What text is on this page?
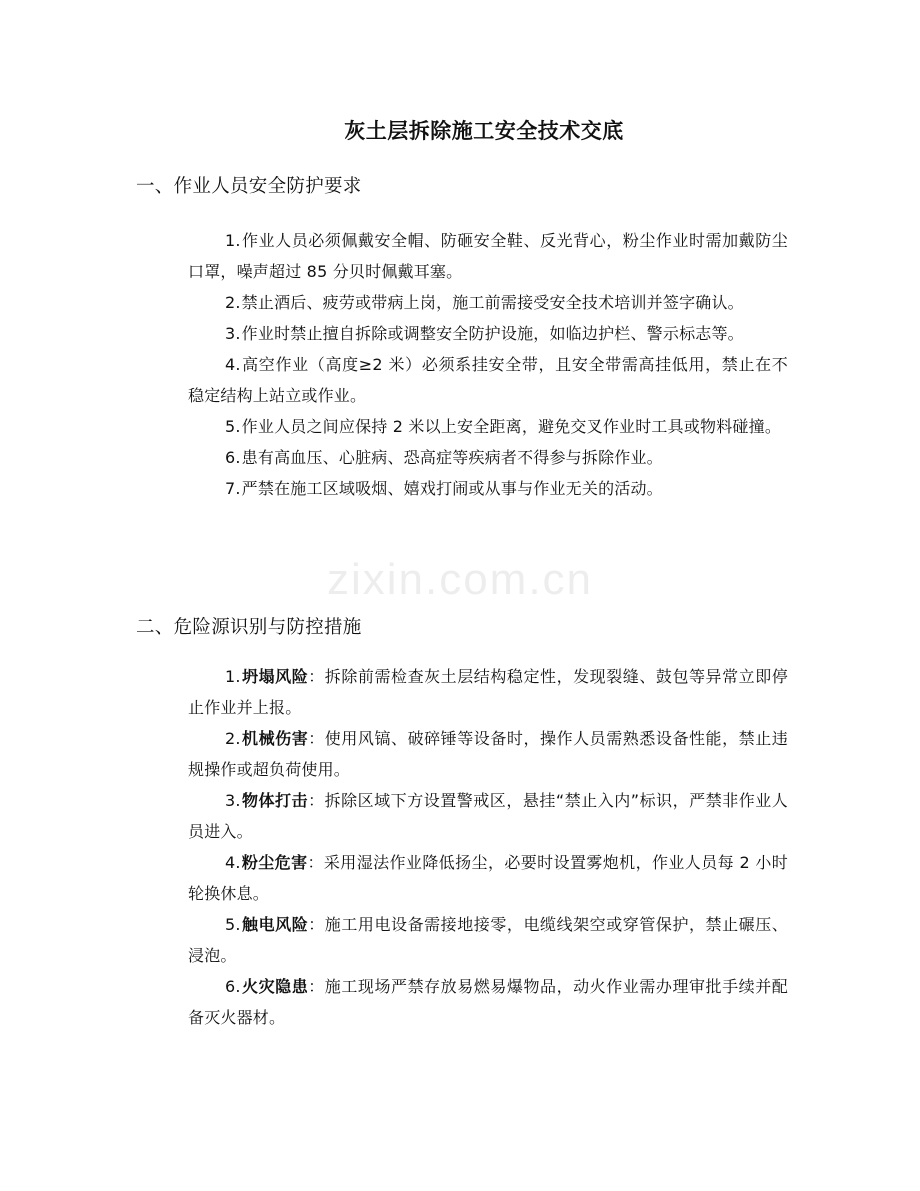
zixin.com.cn
灰土层拆除施工安全技术交底
一、作业人员安全防护要求
1.作业人员必须佩戴安全帽、防砸安全鞋、反光背心，粉尘作业时需加戴防尘口罩，噪声超过 85 分贝时佩戴耳塞。
2.禁止酒后、疲劳或带病上岗，施工前需接受安全技术培训并签字确认。
3.作业时禁止擅自拆除或调整安全防护设施，如临边护栏、警示标志等。
4.高空作业（高度≥2 米）必须系挂安全带，且安全带需高挂低用，禁止在不稳定结构上站立或作业。
5.作业人员之间应保持 2 米以上安全距离，避免交叉作业时工具或物料碰撞。
6.患有高血压、心脏病、恐高症等疾病者不得参与拆除作业。
7.严禁在施工区域吸烟、嬉戏打闹或从事与作业无关的活动。
二、危险源识别与防控措施
1.坍塌风险：拆除前需检查灰土层结构稳定性，发现裂缝、鼓包等异常立即停止作业并上报。
2.机械伤害：使用风镐、破碎锤等设备时，操作人员需熟悉设备性能，禁止违规操作或超负荷使用。
3.物体打击：拆除区域下方设置警戒区，悬挂“禁止入内”标识，严禁非作业人员进入。
4.粉尘危害：采用湿法作业降低扬尘，必要时设置雾炮机，作业人员每 2 小时轮换休息。
5.触电风险：施工用电设备需接地接零，电缆线架空或穿管保护，禁止碾压、浸泡。
6.火灾隐患：施工现场严禁存放易燃易爆物品，动火作业需办理审批手续并配备灭火器材。
